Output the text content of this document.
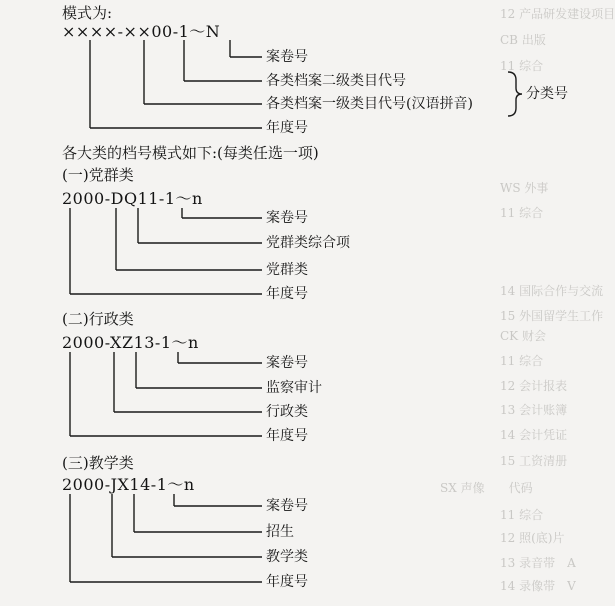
12 产品研发建设项目
CB 出版
11 综合
WS 外事
11 综合
14 国际合作与交流
15 外国留学生工作
CK 财会
11 综合
12 会计报表
13 会计账簿
14 会计凭证
15 工资清册
SX 声像　　代码
11 综合
12 照(底)片
13 录音带　A
14 录像带　V
模式为:
××××-××00-1～N
案卷号
各类档案二级类目代号
各类档案一级类目代号(汉语拼音)
分类号
年度号
各大类的档号模式如下:(每类任选一项)
(一)党群类
2000-DQ11-1～n
案卷号
党群类综合项
党群类
年度号
(二)行政类
2000-XZ13-1～n
案卷号
监察审计
行政类
年度号
(三)教学类
2000-JX14-1～n
案卷号
招生
教学类
年度号
